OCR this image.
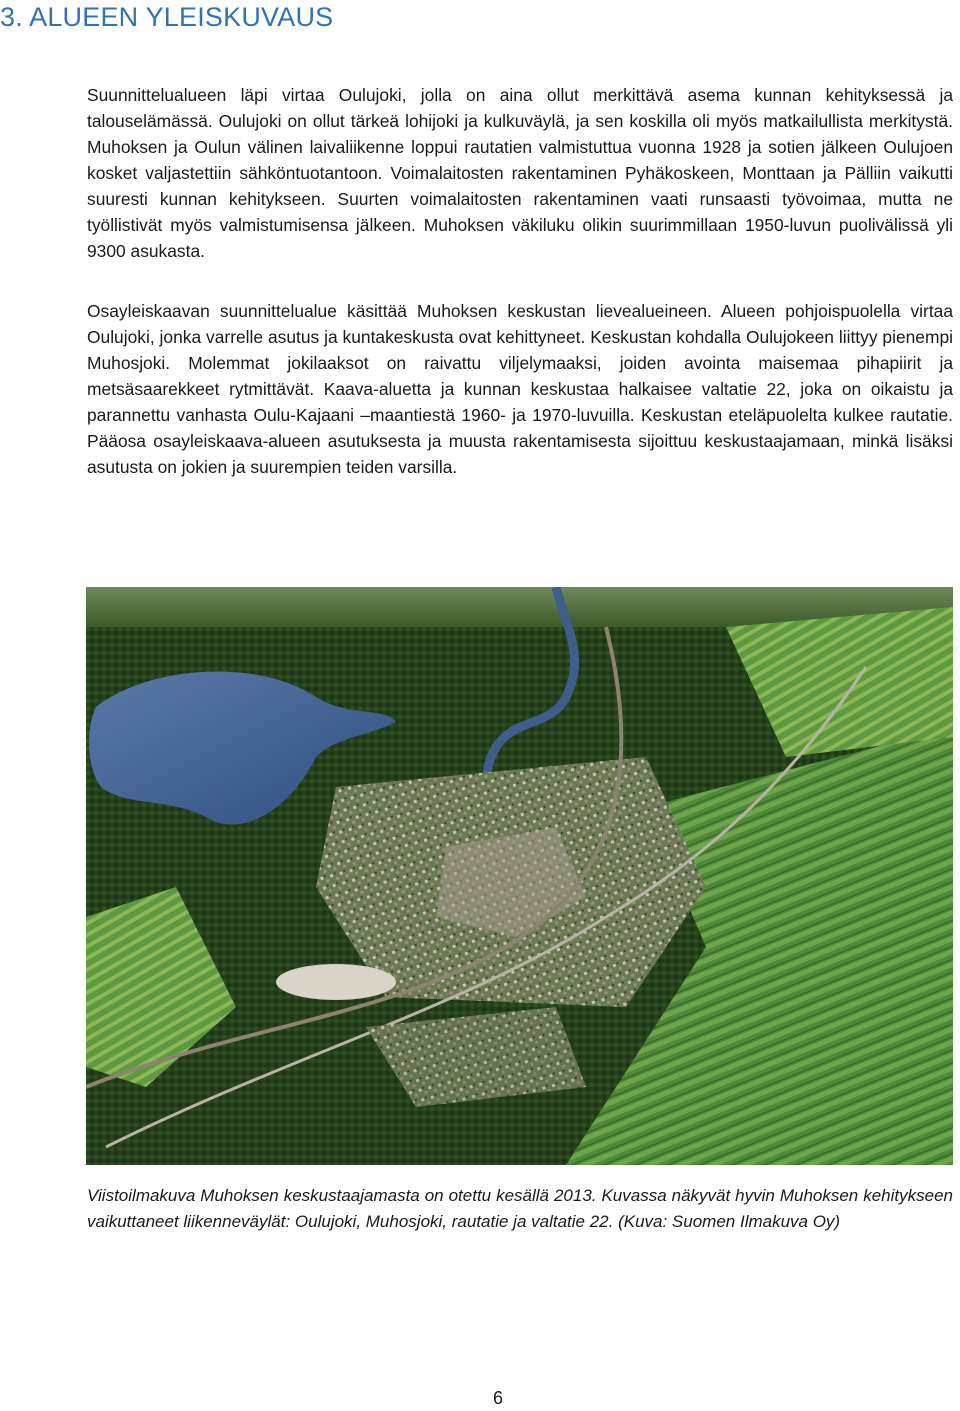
3. ALUEEN YLEISKUVAUS

Suunnittelualueen läpi virtaa Oulujoki, jolla on aina ollut merkittävä asema kunnan kehityksessä ja talouselämässä. Oulujoki on ollut tärkeä lohijoki ja kulkuväylä, ja sen koskilla oli myös matkailullista merkitystä. Muhoksen ja Oulun välinen laivaliikenne loppui rautatien valmistuttua vuonna 1928 ja sotien jälkeen Oulujoen kosket valjastettiin sähköntuotantoon. Voimalaitosten rakentaminen Pyhäkoskeen, Monttaan ja Pälliin vaikutti suuresti kunnan kehitykseen. Suurten voimalaitosten rakentaminen vaati runsaasti työvoimaa, mutta ne työllistivät myös valmistumisensa jälkeen. Muhoksen väkiluku olikin suurimmillaan 1950-luvun puolivälissä yli 9300 asukasta.

Osayleiskaavan suunnittelualue käsittää Muhoksen keskustan lievealueineen. Alueen pohjoispuolella virtaa Oulujoki, jonka varrelle asutus ja kuntakeskusta ovat kehittyneet. Keskustan kohdalla Oulujokeen liittyy pienempi Muhosjoki. Molemmat jokilaaksot on raivattu viljelymaaksi, joiden avointa maisemaa pihapiirit ja metsäsaarekkeet rytmittävät. Kaava-aluetta ja kunnan keskustaa halkaisee valtatie 22, joka on oikaistu ja parannettu vanhasta Oulu-Kajaani –maantiestä 1960- ja 1970-luvuilla. Keskustan eteläpuolelta kulkee rautatie. Pääosa osayleiskaava-alueen asutuksesta ja muusta rakentamisesta sijoittuu keskustaajamaan, minkä lisäksi asutusta on jokien ja suurempien teiden varsilla.

Viistoilmakuva Muhoksen keskustaajamasta on otettu kesällä 2013. Kuvassa näkyvät hyvin Muhoksen kehitykseen vaikuttaneet liikenneväylät: Oulujoki, Muhosjoki, rautatie ja valtatie 22. (Kuva: Suomen Ilmakuva Oy)

6
